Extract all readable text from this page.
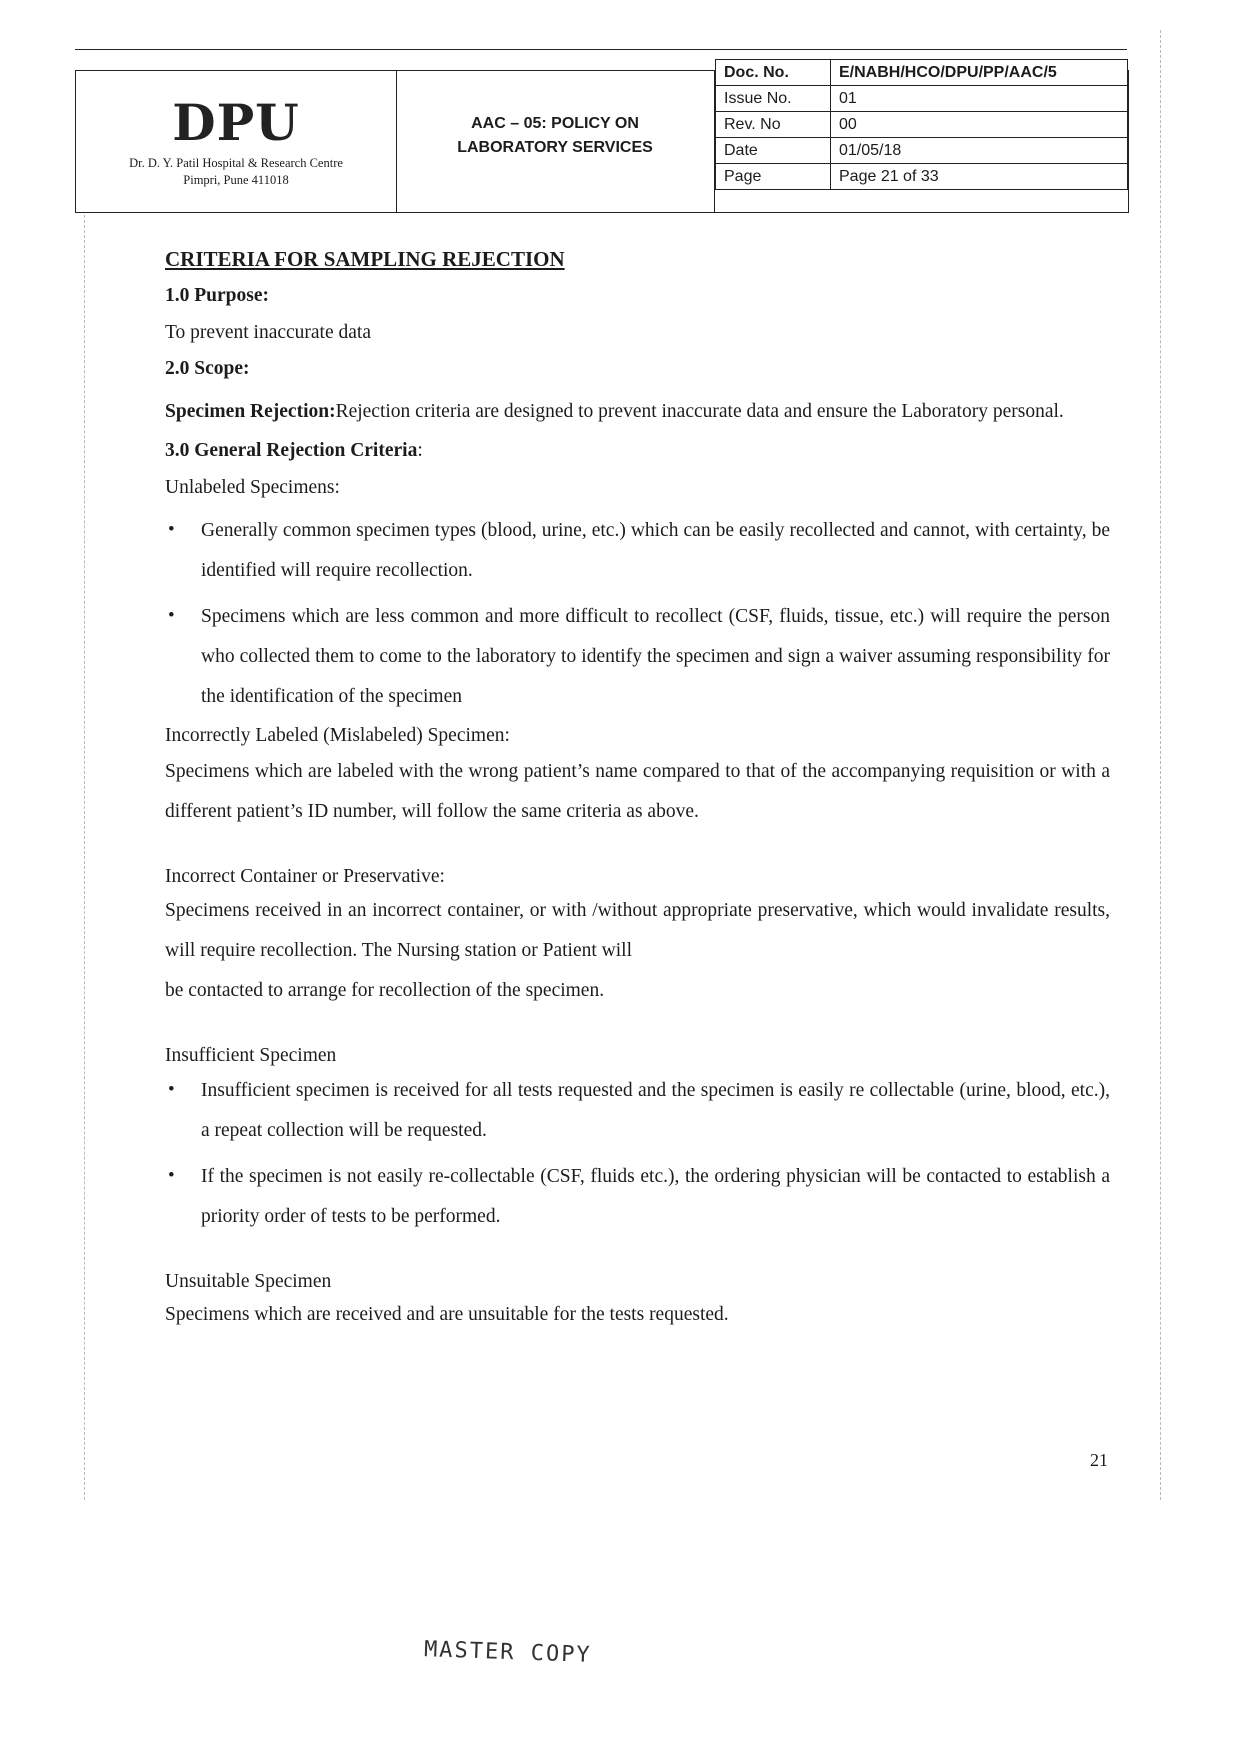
DPU
Dr. D. Y. Patil Hospital & Research Centre
Pimpri, Pune 411018
AAC – 05: POLICY ON
LABORATORY SERVICES
Doc. No.	E/NABH/HCO/DPU/PP/AAC/5
Issue No.	01
Rev. No	00
Date	01/05/18
Page	Page 21 of 33
CRITERIA FOR SAMPLING REJECTION
1.0 Purpose:
To prevent inaccurate data
2.0 Scope:
Specimen Rejection:Rejection criteria are designed to prevent inaccurate data and ensure the Laboratory personal.
3.0 General Rejection Criteria:
Unlabeled Specimens:
• Generally common specimen types (blood, urine, etc.) which can be easily recollected and cannot, with certainty, be identified will require recollection.
• Specimens which are less common and more difficult to recollect (CSF, fluids, tissue, etc.) will require the person who collected them to come to the laboratory to identify the specimen and sign a waiver assuming responsibility for the identification of the specimen
Incorrectly Labeled (Mislabeled) Specimen:
Specimens which are labeled with the wrong patient’s name compared to that of the accompanying requisition or with a different patient’s ID number, will follow the same criteria as above.
Incorrect Container or Preservative:
Specimens received in an incorrect container, or with /without appropriate preservative, which would invalidate results, will require recollection. The Nursing station or Patient will
be contacted to arrange for recollection of the specimen.
Insufficient Specimen
• Insufficient specimen is received for all tests requested and the specimen is easily re collectable (urine, blood, etc.), a repeat collection will be requested.
• If the specimen is not easily re-collectable (CSF, fluids etc.), the ordering physician will be contacted to establish a priority order of tests to be performed.
Unsuitable Specimen
Specimens which are received and are unsuitable for the tests requested.
21
MASTER COPY
